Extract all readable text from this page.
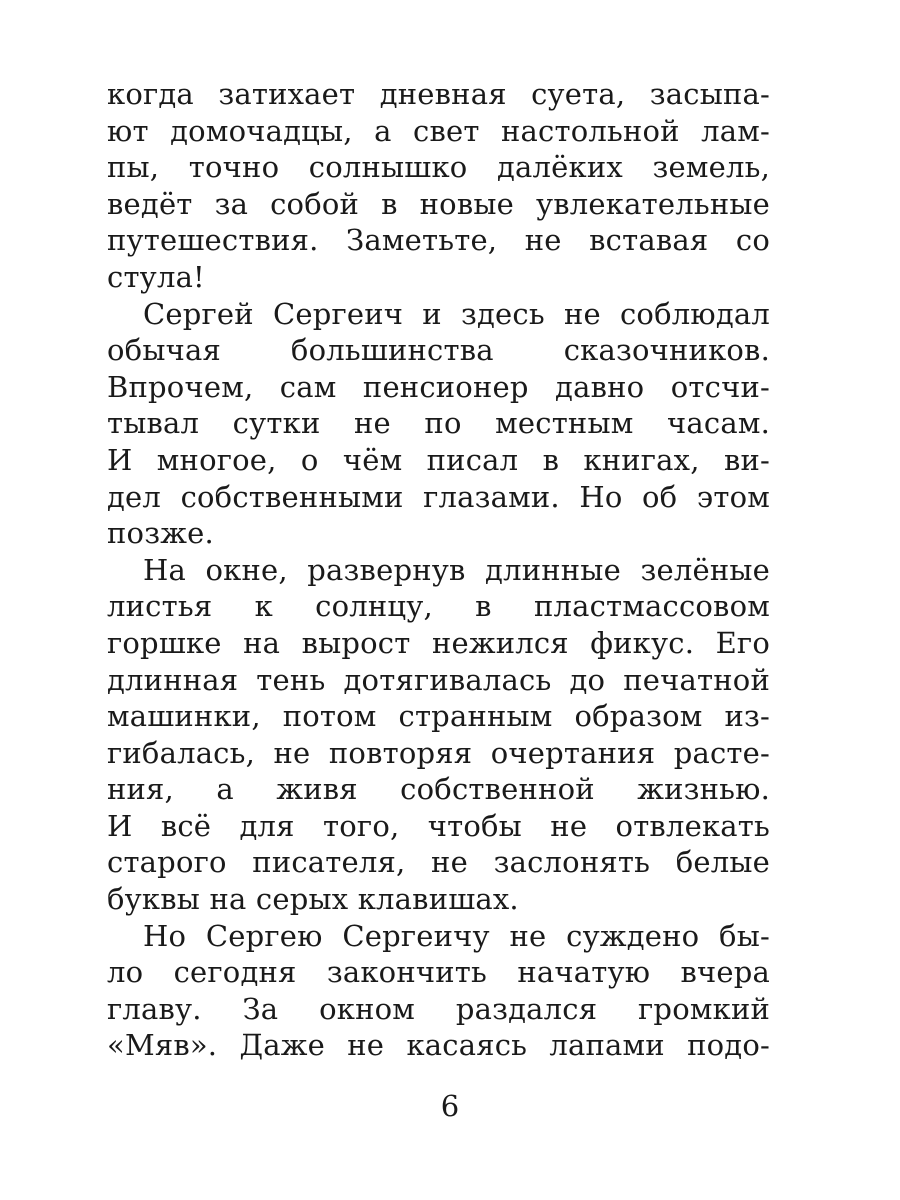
когда затихает дневная суета, засыпа-
ют домочадцы, а свет настольной лам-
пы, точно солнышко далёких земель,
ведёт за собой в новые увлекательные
путешествия. Заметьте, не вставая со
стула!
Сергей Сергеич и здесь не соблюдал
обычая большинства сказочников.
Впрочем, сам пенсионер давно отсчи-
тывал сутки не по местным часам.
И многое, о чём писал в книгах, ви-
дел собственными глазами. Но об этом
позже.
На окне, развернув длинные зелёные
листья к солнцу, в пластмассовом
горшке на вырост нежился фикус. Его
длинная тень дотягивалась до печатной
машинки, потом странным образом из-
гибалась, не повторяя очертания расте-
ния, а живя собственной жизнью.
И всё для того, чтобы не отвлекать
старого писателя, не заслонять белые
буквы на серых клавишах.
Но Сергею Сергеичу не суждено бы-
ло сегодня закончить начатую вчера
главу. За окном раздался громкий
«Мяв». Даже не касаясь лапами подо-
6
